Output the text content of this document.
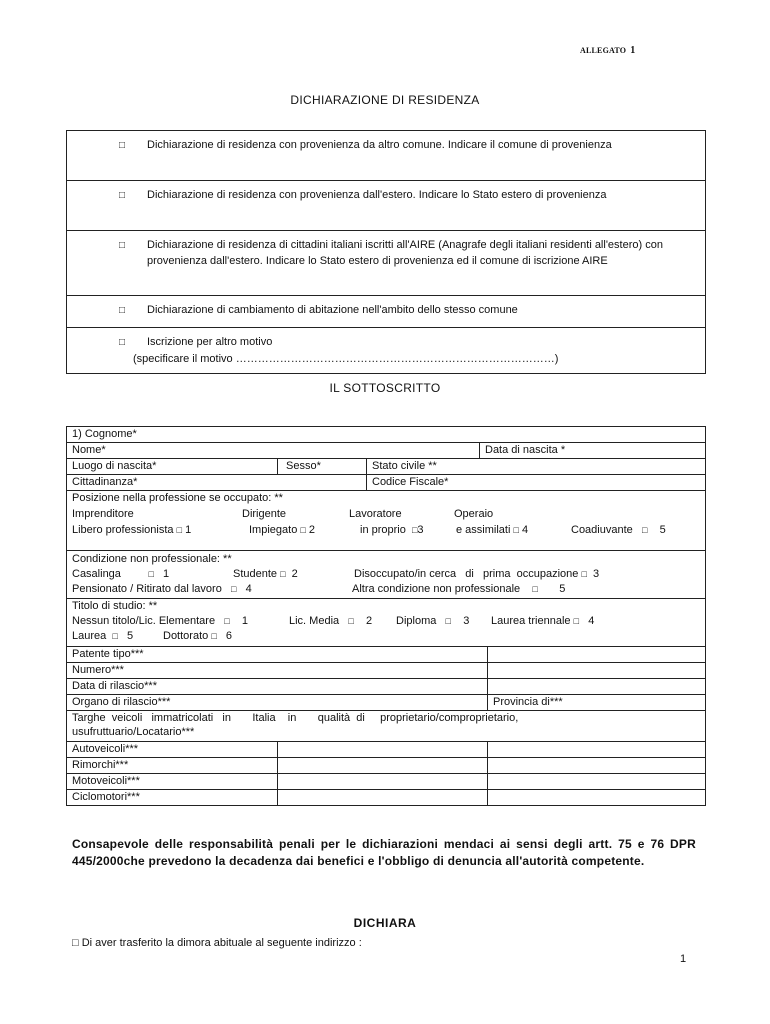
ALLEGATO 1
DICHIARAZIONE DI RESIDENZA
□ Dichiarazione di residenza con provenienza da altro comune. Indicare il comune di provenienza
□ Dichiarazione di residenza con provenienza dall'estero. Indicare lo Stato estero di provenienza
□ Dichiarazione di residenza di cittadini italiani iscritti all'AIRE (Anagrafe degli italiani residenti all'estero) con provenienza dall'estero. Indicare lo Stato estero di provenienza ed il comune di iscrizione AIRE
□ Dichiarazione di cambiamento di abitazione nell'ambito dello stesso comune
□ Iscrizione per altro motivo
(specificare il motivo ……………………………………………………………………………)
IL SOTTOSCRITTO
1) Cognome*
Nome*	Data di nascita *
Luogo di nascita*	Sesso*	Stato civile **
Cittadinanza*	Codice Fiscale*
Posizione nella professione se occupato: **
Imprenditore	Dirigente	Lavoratore	Operaio
Libero professionista □ 1	Impiegato □ 2	in proprio □3	e assimilati □ 4	Coadiuvante □ 5
Condizione non professionale: **
Casalinga	□ 1	Studente □ 2	Disoccupato/in cerca   di   prima  occupazione □ 3
Pensionato / Ritirato dal lavoro □ 4	Altra condizione non professionale □ 5
Titolo di studio: **
Nessun titolo/Lic. Elementare □ 1	Lic. Media □ 2 Diploma □ 3 Laurea triennale □ 4
Laurea □ 5	Dottorato □ 6
Patente tipo***
Numero***
Data di rilascio***
Organo di rilascio***	Provincia di***
Targhe  veicoli   immatricolati   in       Italia    in       qualità  di     proprietario/comproprietario,
usufruttuario/Locatario***
Autoveicoli***
Rimorchi***
Motoveicoli***
Ciclomotori***
Consapevole delle responsabilità penali per le dichiarazioni mendaci ai sensi degli artt. 75 e 76 DPR 445/2000che prevedono la decadenza dai benefici e l'obbligo di denuncia all'autorità competente.
DICHIARA
□ Di aver trasferito la dimora abituale al seguente indirizzo :
1
